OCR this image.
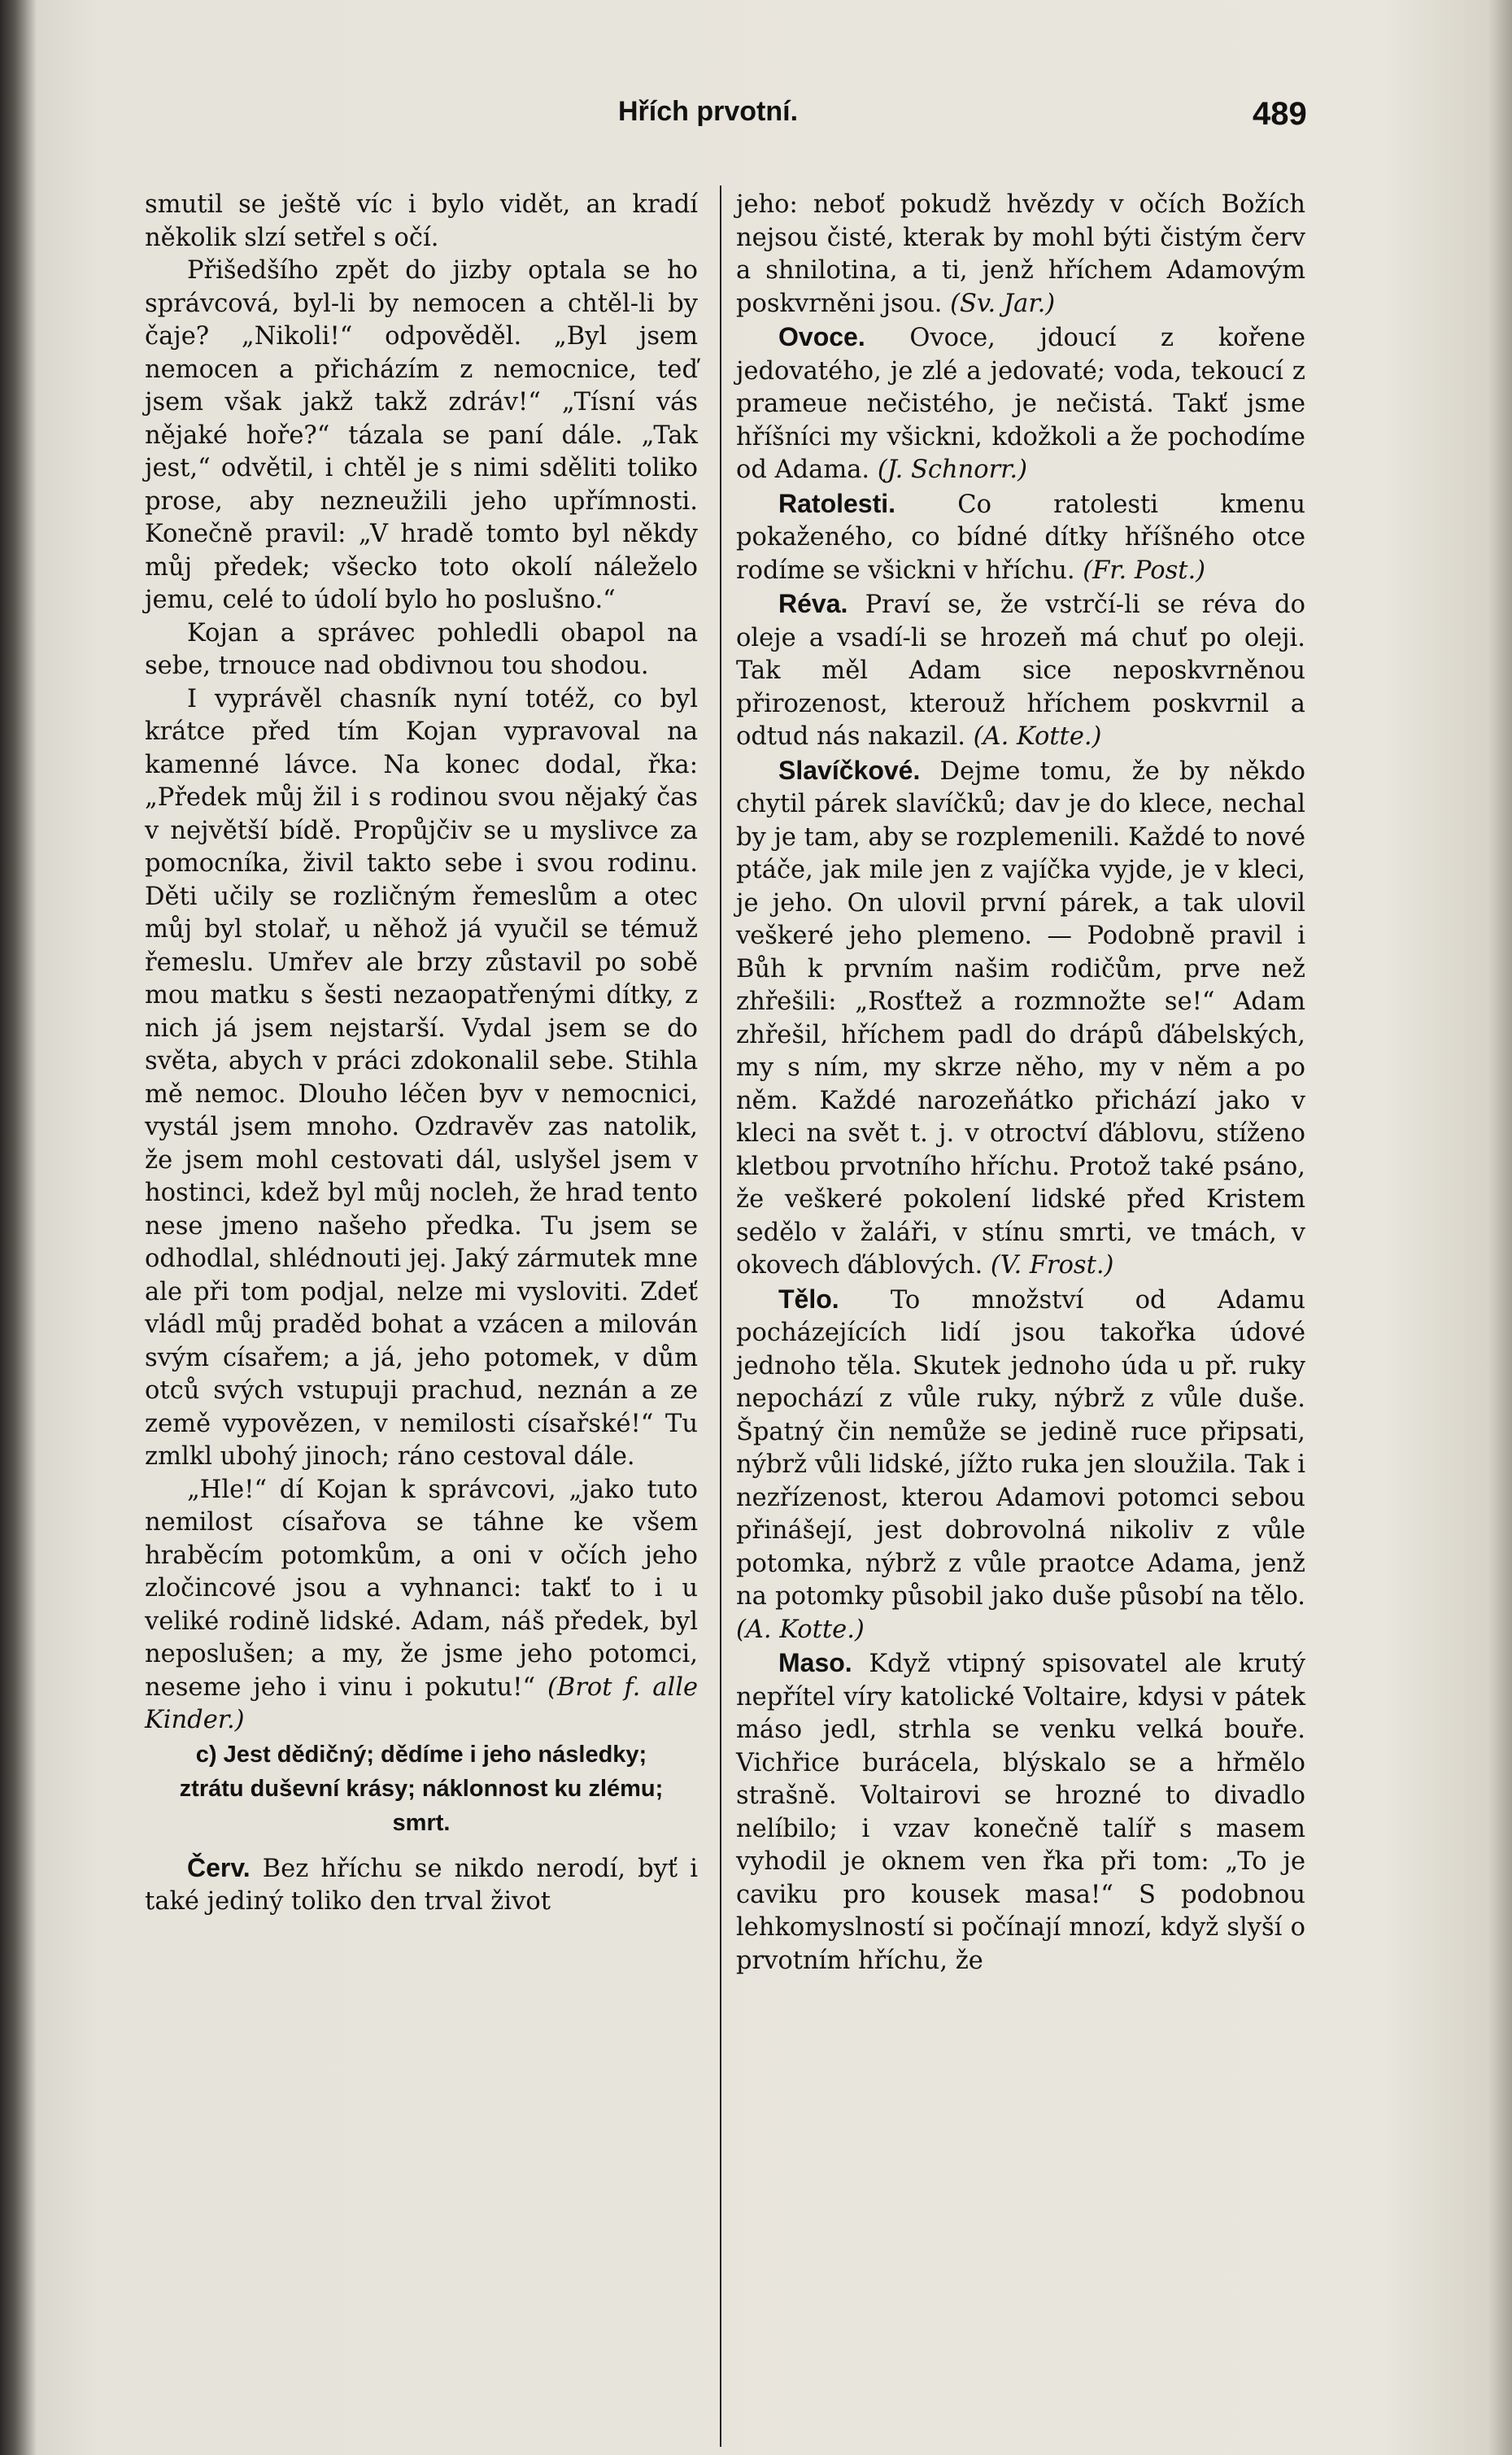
Hřích prvotní.	489

smutil se ještě víc i bylo vidět, an kradí několik slzí setřel s očí.

Přišedšího zpět do jizby optala se ho správcová, byl-li by nemocen a chtěl-li by čaje? „Nikoli!“ odpověděl. „Byl jsem nemocen a přicházím z nemocnice, teď jsem však jakž takž zdráv!“ „Tísní vás nějaké hoře?“ tázala se paní dále. „Tak jest,“ odvětil, i chtěl je s nimi sděliti toliko prose, aby nezneužili jeho upřímnosti. Konečně pravil: „V hradě tomto byl někdy můj předek; všecko toto okolí náleželo jemu, celé to údolí bylo ho poslušno.“

Kojan a správec pohledli obapol na sebe, trnouce nad obdivnou tou shodou.

I vyprávěl chasník nyní totéž, co byl krátce před tím Kojan vypravoval na kamenné lávce. Na konec dodal, řka: „Předek můj žil i s rodinou svou nějaký čas v největší bídě. Propůjčiv se u myslivce za pomocníka, živil takto sebe i svou rodinu. Děti učily se rozličným řemeslům a otec můj byl stolař, u něhož já vyučil se témuž řemeslu. Umřev ale brzy zůstavil po sobě mou matku s šesti nezaopatřenými dítky, z nich já jsem nejstarší. Vydal jsem se do světa, abych v práci zdokonalil sebe. Stihla mě nemoc. Dlouho léčen byv v nemocnici, vystál jsem mnoho. Ozdravěv zas natolik, že jsem mohl cestovati dál, uslyšel jsem v hostinci, kdež byl můj nocleh, že hrad tento nese jmeno našeho předka. Tu jsem se odhodlal, shlédnouti jej. Jaký zármutek mne ale při tom podjal, nelze mi vysloviti. Zdeť vládl můj praděd bohat a vzácen a milován svým císařem; a já, jeho potomek, v dům otců svých vstupuji prachud, neznán a ze země vypovězen, v nemilosti císařské!“ Tu zmlkl ubohý jinoch; ráno cestoval dále.

„Hle!“ dí Kojan k správcovi, „jako tuto nemilost císařova se táhne ke všem hraběcím potomkům, a oni v očích jeho zločincové jsou a vyhnanci: takť to i u veliké rodině lidské. Adam, náš předek, byl neposlušen; a my, že jsme jeho potomci, neseme jeho i vinu i pokutu!“ (Brot f. alle Kinder.)

c) Jest dědičný; dědíme i jeho následky; ztrátu duševní krásy; náklonnost ku zlému; smrt.

Červ. Bez hříchu se nikdo nerodí, byť i také jediný toliko den trval život

jeho: neboť pokudž hvězdy v očích Božích nejsou čisté, kterak by mohl býti čistým červ a shnilotina, a ti, jenž hříchem Adamovým poskvrněni jsou. (Sv. Jar.)

Ovoce. Ovoce, jdoucí z kořene jedovatého, je zlé a jedovaté; voda, tekoucí z prameue nečistého, je nečistá. Takť jsme hříšníci my všickni, kdožkoli a že pochodíme od Adama. (J. Schnorr.)

Ratolesti. Co ratolesti kmenu pokaženého, co bídné dítky hříšného otce rodíme se všickni v hříchu. (Fr. Post.)

Réva. Praví se, že vstrčí-li se réva do oleje a vsadí-li se hrozeň má chuť po oleji. Tak měl Adam sice neposkvrněnou přirozenost, kterouž hříchem poskvrnil a odtud nás nakazil. (A. Kotte.)

Slavíčkové. Dejme tomu, že by někdo chytil párek slavíčků; dav je do klece, nechal by je tam, aby se rozplemenili. Každé to nové ptáče, jak mile jen z vajíčka vyjde, je v kleci, je jeho. On ulovil první párek, a tak ulovil veškeré jeho plemeno. — Podobně pravil i Bůh k prvním našim rodičům, prve než zhřešili: „Rosťtež a rozmnožte se!“ Adam zhřešil, hříchem padl do drápů ďábelských, my s ním, my skrze něho, my v něm a po něm. Každé narozeňátko přichází jako v kleci na svět t. j. v otroctví ďáblovu, stíženo kletbou prvotního hříchu. Protož také psáno, že veškeré pokolení lidské před Kristem sedělo v žaláři, v stínu smrti, ve tmách, v okovech ďáblových. (V. Frost.)

Tělo. To množství od Adamu pocházejících lidí jsou takořka údové jednoho těla. Skutek jednoho úda u př. ruky nepochází z vůle ruky, nýbrž z vůle duše. Špatný čin nemůže se jedině ruce připsati, nýbrž vůli lidské, jížto ruka jen sloužila. Tak i nezřízenost, kterou Adamovi potomci sebou přinášejí, jest dobrovolná nikoliv z vůle potomka, nýbrž z vůle praotce Adama, jenž na potomky působil jako duše působí na tělo. (A. Kotte.)

Maso. Když vtipný spisovatel ale krutý nepřítel víry katolické Voltaire, kdysi v pátek máso jedl, strhla se venku velká bouře. Vichřice burácela, blýskalo se a hřmělo strašně. Voltairovi se hrozné to divadlo nelíbilo; i vzav konečně talíř s masem vyhodil je oknem ven řka při tom: „To je caviku pro kousek masa!“ S podobnou lehkomyslností si počínají mnozí, když slyší o prvotním hříchu, že
